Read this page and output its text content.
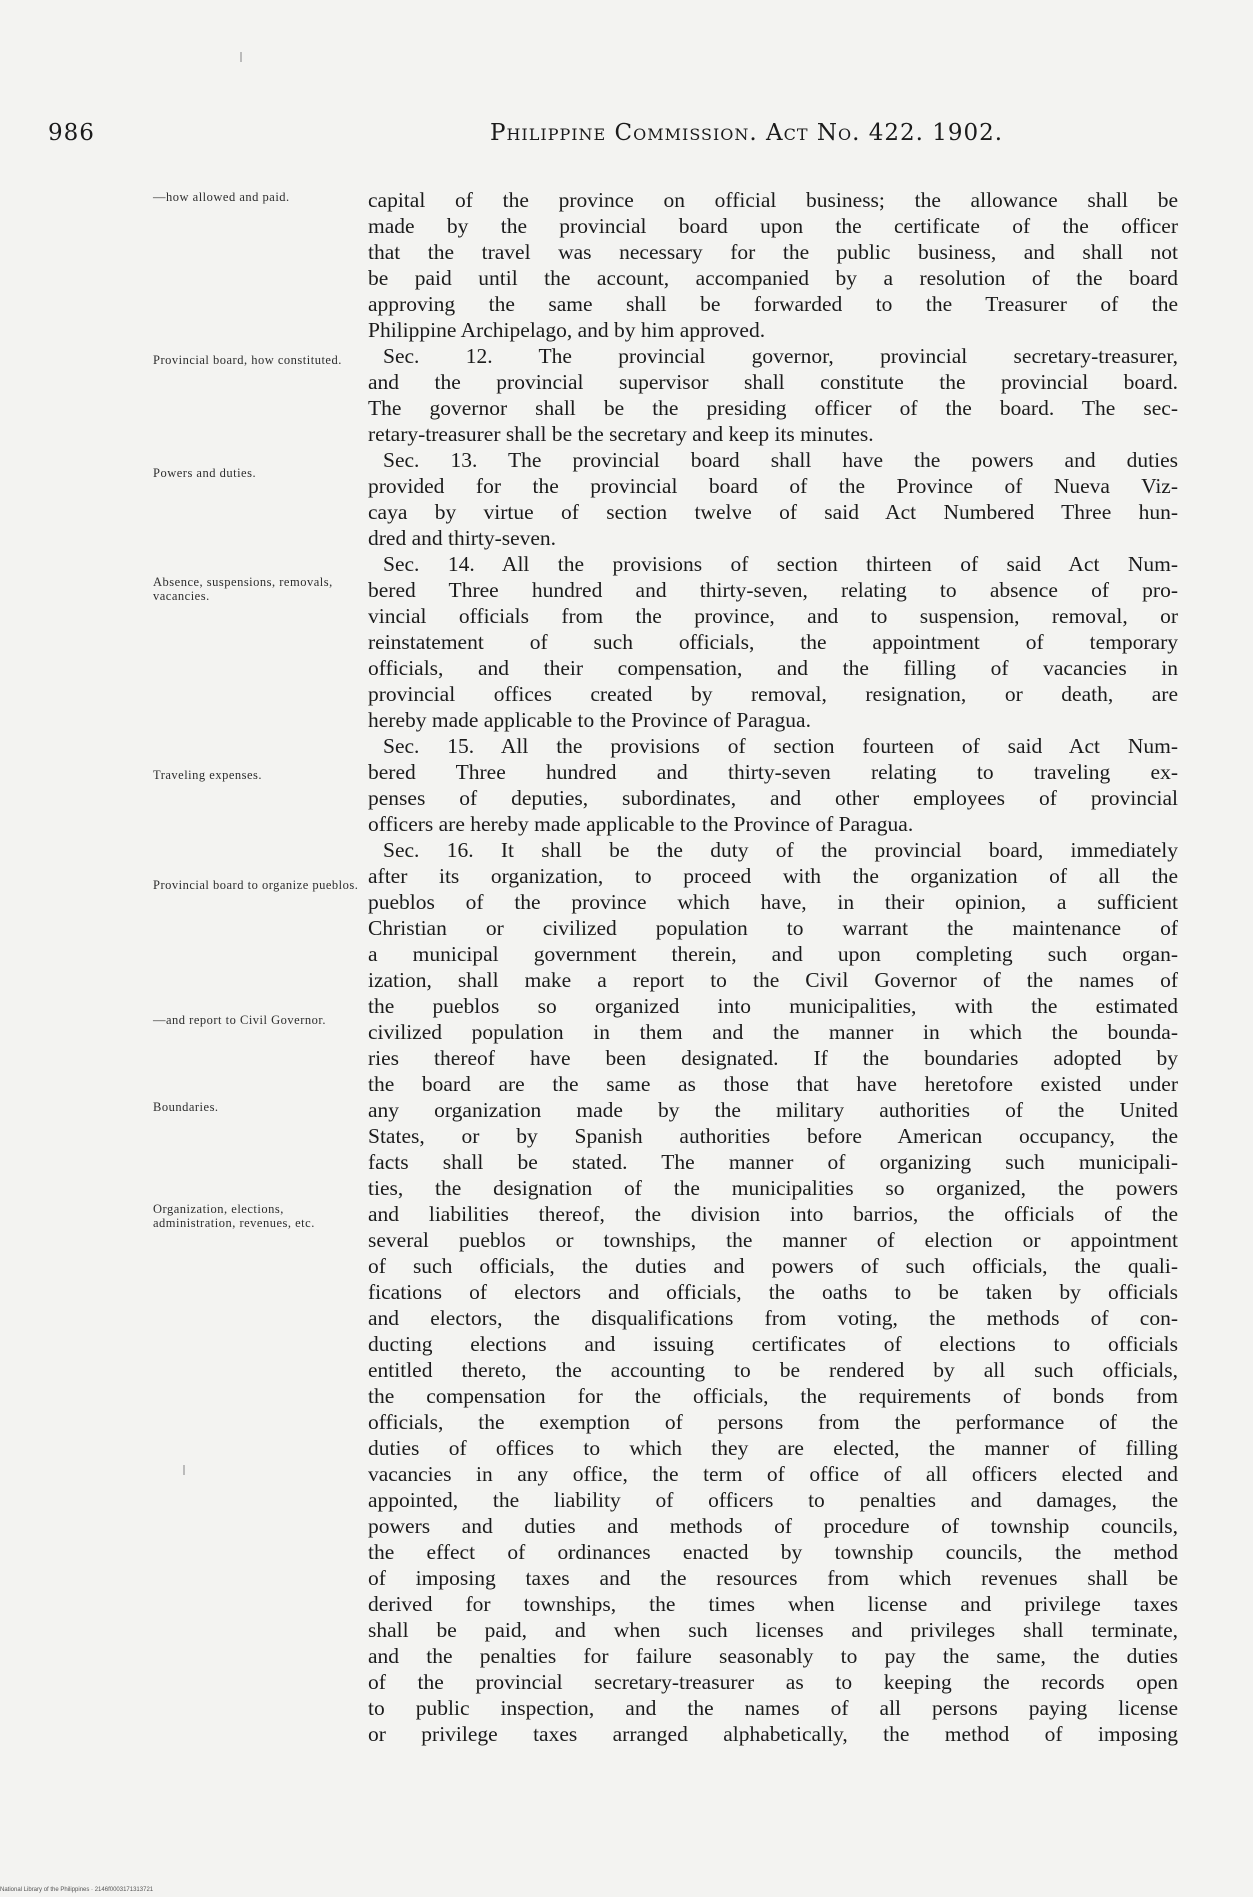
986	Philippine Commission. Act No. 422. 1902.
—how allowed and paid.
Provincial board, how constituted.
Powers and duties.
Absence, suspensions, removals, vacancies.
Traveling expenses.
Provincial board to organize pueblos.
—and report to Civil Governor.
Boundaries.
Organization, elections, administration, revenues, etc.
capital of the province on official business; the allowance shall be
made by the provincial board upon the certificate of the officer
that the travel was necessary for the public business, and shall not
be paid until the account, accompanied by a resolution of the board
approving the same shall be forwarded to the Treasurer of the
Philippine Archipelago, and by him approved.
Sec. 12. The provincial governor, provincial secretary-treasurer,
and the provincial supervisor shall constitute the provincial board.
The governor shall be the presiding officer of the board. The sec-
retary-treasurer shall be the secretary and keep its minutes.
Sec. 13. The provincial board shall have the powers and duties
provided for the provincial board of the Province of Nueva Viz-
caya by virtue of section twelve of said Act Numbered Three hun-
dred and thirty-seven.
Sec. 14. All the provisions of section thirteen of said Act Num-
bered Three hundred and thirty-seven, relating to absence of pro-
vincial officials from the province, and to suspension, removal, or
reinstatement of such officials, the appointment of temporary
officials, and their compensation, and the filling of vacancies in
provincial offices created by removal, resignation, or death, are
hereby made applicable to the Province of Paragua.
Sec. 15. All the provisions of section fourteen of said Act Num-
bered Three hundred and thirty-seven relating to traveling ex-
penses of deputies, subordinates, and other employees of provincial
officers are hereby made applicable to the Province of Paragua.
Sec. 16. It shall be the duty of the provincial board, immediately
after its organization, to proceed with the organization of all the
pueblos of the province which have, in their opinion, a sufficient
Christian or civilized population to warrant the maintenance of
a municipal government therein, and upon completing such organ-
ization, shall make a report to the Civil Governor of the names of
the pueblos so organized into municipalities, with the estimated
civilized population in them and the manner in which the bounda-
ries thereof have been designated. If the boundaries adopted by
the board are the same as those that have heretofore existed under
any organization made by the military authorities of the United
States, or by Spanish authorities before American occupancy, the
facts shall be stated. The manner of organizing such municipali-
ties, the designation of the municipalities so organized, the powers
and liabilities thereof, the division into barrios, the officials of the
several pueblos or townships, the manner of election or appointment
of such officials, the duties and powers of such officials, the quali-
fications of electors and officials, the oaths to be taken by officials
and electors, the disqualifications from voting, the methods of con-
ducting elections and issuing certificates of elections to officials
entitled thereto, the accounting to be rendered by all such officials,
the compensation for the officials, the requirements of bonds from
officials, the exemption of persons from the performance of the
duties of offices to which they are elected, the manner of filling
vacancies in any office, the term of office of all officers elected and
appointed, the liability of officers to penalties and damages, the
powers and duties and methods of procedure of township councils,
the effect of ordinances enacted by township councils, the method
of imposing taxes and the resources from which revenues shall be
derived for townships, the times when license and privilege taxes
shall be paid, and when such licenses and privileges shall terminate,
and the penalties for failure seasonably to pay the same, the duties
of the provincial secretary-treasurer as to keeping the records open
to public inspection, and the names of all persons paying license
or privilege taxes arranged alphabetically, the method of imposing
National Library of the Philippines · 2146f0003171313721
